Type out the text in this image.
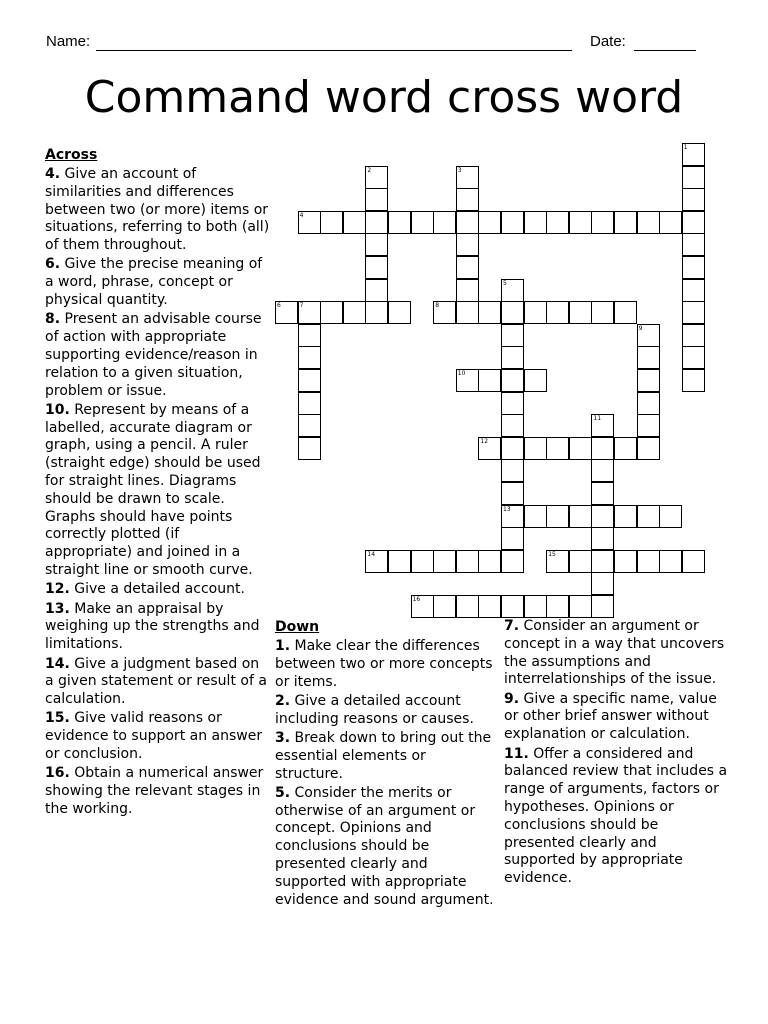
Name:	Date:
Command word cross word
1
2	3
4
5
13
6	7	8
9
10
11
12
14	15
16
Across
4. Give an account of similarities and differences between two (or more) items or situations, referring to both (all) of them throughout.
6. Give the precise meaning of a word, phrase, concept or physical quantity.
8. Present an advisable course of action with appropriate supporting evidence/reason in relation to a given situation, problem or issue.
10. Represent by means of a labelled, accurate diagram or graph, using a pencil. A ruler (straight edge) should be used for straight lines. Diagrams should be drawn to scale. Graphs should have points correctly plotted (if appropriate) and joined in a straight line or smooth curve.
12. Give a detailed account.
13. Make an appraisal by weighing up the strengths and limitations.
14. Give a judgment based on a given statement or result of a calculation.
15. Give valid reasons or evidence to support an answer or conclusion.
16. Obtain a numerical answer showing the relevant stages in the working.
Down
1. Make clear the differences between two or more concepts or items.
2. Give a detailed account including reasons or causes.
3. Break down to bring out the essential elements or structure.
5. Consider the merits or otherwise of an argument or concept. Opinions and conclusions should be presented clearly and supported with appropriate evidence and sound argument.
7. Consider an argument or concept in a way that uncovers the assumptions and interrelationships of the issue.
9. Give a specific name, value or other brief answer without explanation or calculation.
11. Offer a considered and balanced review that includes a range of arguments, factors or hypotheses. Opinions or conclusions should be presented clearly and supported by appropriate evidence.
